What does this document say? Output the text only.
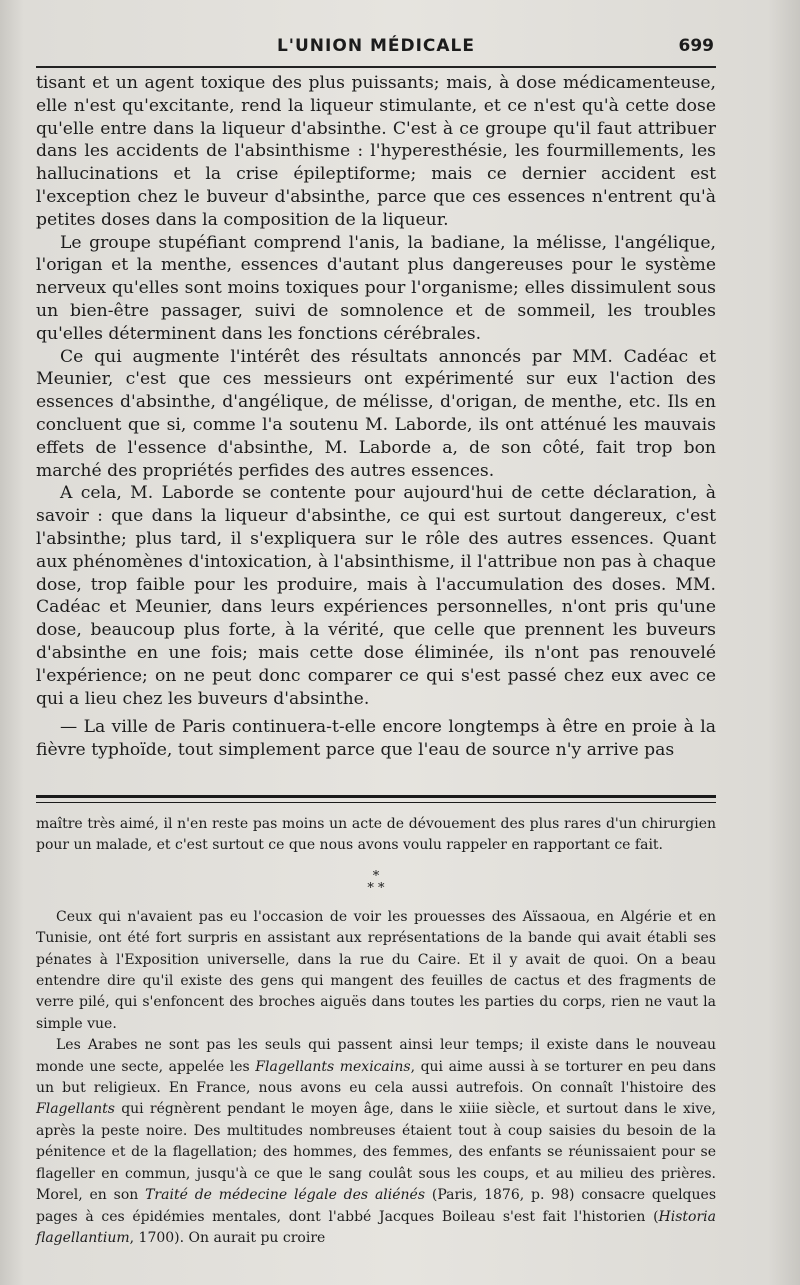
L'UNION MÉDICALE	699

tisant et un agent toxique des plus puissants; mais, à dose médicamenteuse, elle n'est qu'excitante, rend la liqueur stimulante, et ce n'est qu'à cette dose qu'elle entre dans la liqueur d'absinthe. C'est à ce groupe qu'il faut attribuer dans les accidents de l'absinthisme : l'hyperesthésie, les fourmillements, les hallucinations et la crise épileptiforme; mais ce dernier accident est l'exception chez le buveur d'absinthe, parce que ces essences n'entrent qu'à petites doses dans la composition de la liqueur.

Le groupe stupéfiant comprend l'anis, la badiane, la mélisse, l'angélique, l'origan et la menthe, essences d'autant plus dangereuses pour le système nerveux qu'elles sont moins toxiques pour l'organisme; elles dissimulent sous un bien-être passager, suivi de somnolence et de sommeil, les troubles qu'elles déterminent dans les fonctions cérébrales.

Ce qui augmente l'intérêt des résultats annoncés par MM. Cadéac et Meunier, c'est que ces messieurs ont expérimenté sur eux l'action des essences d'absinthe, d'angélique, de mélisse, d'origan, de menthe, etc. Ils en concluent que si, comme l'a soutenu M. Laborde, ils ont atténué les mauvais effets de l'essence d'absinthe, M. Laborde a, de son côté, fait trop bon marché des propriétés perfides des autres essences.

A cela, M. Laborde se contente pour aujourd'hui de cette déclaration, à savoir : que dans la liqueur d'absinthe, ce qui est surtout dangereux, c'est l'absinthe; plus tard, il s'expliquera sur le rôle des autres essences. Quant aux phénomènes d'intoxication, à l'absinthisme, il l'attribue non pas à chaque dose, trop faible pour les produire, mais à l'accumulation des doses. MM. Cadéac et Meunier, dans leurs expériences personnelles, n'ont pris qu'une dose, beaucoup plus forte, à la vérité, que celle que prennent les buveurs d'absinthe en une fois; mais cette dose éliminée, ils n'ont pas renouvelé l'expérience; on ne peut donc comparer ce qui s'est passé chez eux avec ce qui a lieu chez les buveurs d'absinthe.

— La ville de Paris continuera-t-elle encore longtemps à être en proie à la fièvre typhoïde, tout simplement parce que l'eau de source n'y arrive pas

maître très aimé, il n'en reste pas moins un acte de dévouement des plus rares d'un chirurgien pour un malade, et c'est surtout ce que nous avons voulu rappeler en rapportant ce fait.

*
* *

Ceux qui n'avaient pas eu l'occasion de voir les prouesses des Aïssaoua, en Algérie et en Tunisie, ont été fort surpris en assistant aux représentations de la bande qui avait établi ses pénates à l'Exposition universelle, dans la rue du Caire. Et il y avait de quoi. On a beau entendre dire qu'il existe des gens qui mangent des feuilles de cactus et des fragments de verre pilé, qui s'enfoncent des broches aiguës dans toutes les parties du corps, rien ne vaut la simple vue.

Les Arabes ne sont pas les seuls qui passent ainsi leur temps; il existe dans le nouveau monde une secte, appelée les Flagellants mexicains, qui aime aussi à se torturer en peu dans un but religieux. En France, nous avons eu cela aussi autrefois. On connaît l'histoire des Flagellants qui régnèrent pendant le moyen âge, dans le xiiie siècle, et surtout dans le xive, après la peste noire. Des multitudes nombreuses étaient tout à coup saisies du besoin de la pénitence et de la flagellation; des hommes, des femmes, des enfants se réunissaient pour se flageller en commun, jusqu'à ce que le sang coulât sous les coups, et au milieu des prières. Morel, en son Traité de médecine légale des aliénés (Paris, 1876, p. 98) consacre quelques pages à ces épidémies mentales, dont l'abbé Jacques Boileau s'est fait l'historien (Historia flagellantium, 1700). On aurait pu croire
